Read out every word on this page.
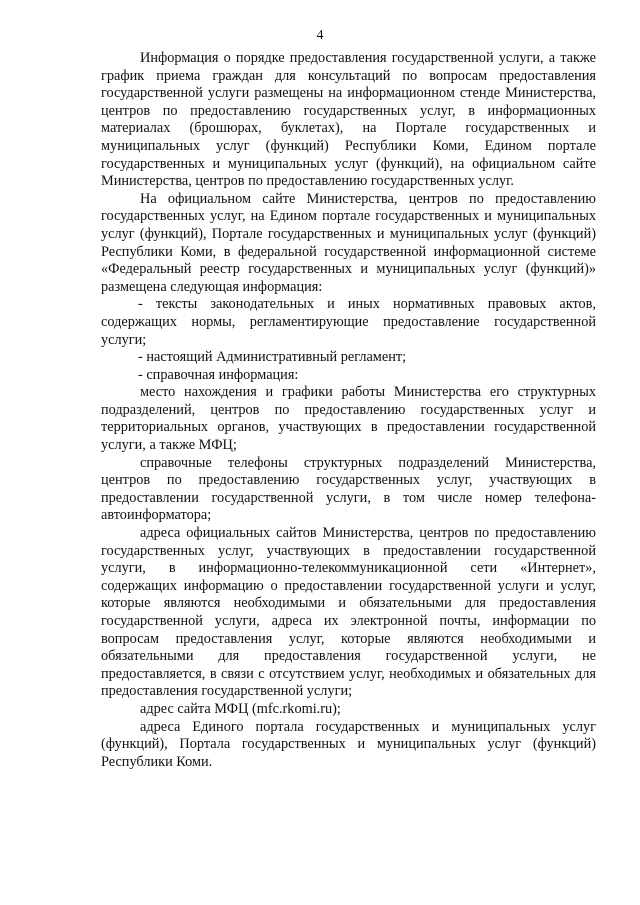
4

Информация о порядке предоставления государственной услуги, а также график приема граждан для консультаций по вопросам предоставления государственной услуги размещены на информационном стенде Министерства, центров по предоставлению государственных услуг, в информационных материалах (брошюрах, буклетах), на Портале государственных и муниципальных услуг (функций) Республики Коми, Едином портале государственных и муниципальных услуг (функций), на официальном сайте Министерства, центров по предоставлению государственных услуг.

На официальном сайте Министерства, центров по предоставлению государственных услуг, на Едином портале государственных и муниципальных услуг (функций), Портале государственных и муниципальных услуг (функций) Республики Коми, в федеральной государственной информационной системе «Федеральный реестр государственных и муниципальных услуг (функций)» размещена следующая информация:

- тексты законодательных и иных нормативных правовых актов, содержащих нормы, регламентирующие предоставление государственной услуги;

- настоящий Административный регламент;

- справочная информация:

место нахождения и графики работы Министерства его структурных подразделений, центров по предоставлению государственных услуг и территориальных органов, участвующих в предоставлении государственной услуги, а также МФЦ;

справочные телефоны структурных подразделений Министерства, центров по предоставлению государственных услуг, участвующих в предоставлении государственной услуги, в том числе номер телефона-автоинформатора;

адреса официальных сайтов Министерства, центров по предоставлению государственных услуг, участвующих в предоставлении государственной услуги, в информационно-телекоммуникационной сети «Интернет», содержащих информацию о предоставлении государственной услуги и услуг, которые являются необходимыми и обязательными для предоставления государственной услуги, адреса их электронной почты, информации по вопросам предоставления услуг, которые являются необходимыми и обязательными для предоставления государственной услуги, не предоставляется, в связи с отсутствием услуг, необходимых и обязательных для предоставления государственной услуги;

адрес сайта МФЦ (mfc.rkomi.ru);

адреса Единого портала государственных и муниципальных услуг (функций), Портала государственных и муниципальных услуг (функций) Республики Коми.
